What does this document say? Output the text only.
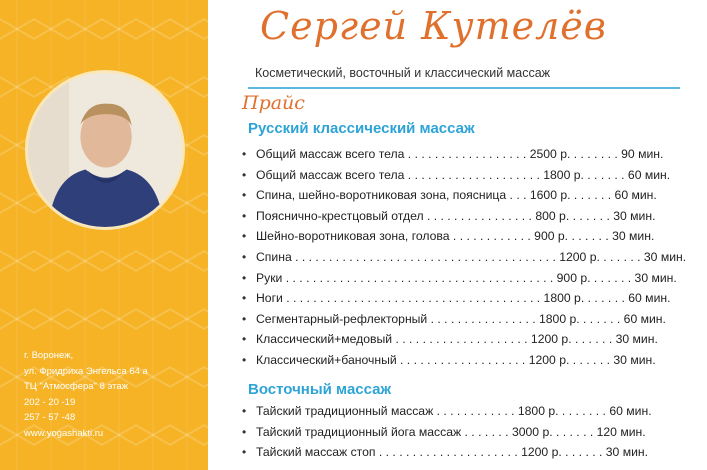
г. Воронеж,
ул. Фридриха Энгельса 64 а
ТЦ "Атмосфера" 8 этаж
202 - 20 -19
257 - 57 -48
www.yogashakti.ru
Сергей Кутелёв
Косметический, восточный и классический массаж
Прайс
Русский классический массаж
• Общий массаж всего тела . . . . . . . . . . . . . . . . . . 2500 р. . . . . . . . 90 мин.
• Общий массаж всего тела . . . . . . . . . . . . . . . . . . . . 1800 р. . . . . . . 60 мин.
• Спина, шейно-воротниковая зона, поясница . . . 1600 р. . . . . . . 60 мин.
• Пояснично-крестцовый отдел . . . . . . . . . . . . . . . . 800 р. . . . . . . 30 мин.
• Шейно-воротниковая зона, голова . . . . . . . . . . . . 900 р. . . . . . . 30 мин.
• Спина . . . . . . . . . . . . . . . . . . . . . . . . . . . . . . . . . . . . . . . 1200 р. . . . . . . 30 мин.
• Руки . . . . . . . . . . . . . . . . . . . . . . . . . . . . . . . . . . . . . . . . 900 р. . . . . . . 30 мин.
• Ноги . . . . . . . . . . . . . . . . . . . . . . . . . . . . . . . . . . . . . . 1800 р. . . . . . . 60 мин.
• Сегментарный-рефлекторный . . . . . . . . . . . . . . . . 1800 р. . . . . . . 60 мин.
• Классический+медовый . . . . . . . . . . . . . . . . . . . . 1200 р. . . . . . . 30 мин.
• Классический+баночный . . . . . . . . . . . . . . . . . . . 1200 р. . . . . . . 30 мин.
Восточный массаж
• Тайский традиционный массаж . . . . . . . . . . . . 1800 р. . . . . . . . 60 мин.
• Тайский традиционный йога массаж . . . . . . . 3000 р. . . . . . . 120 мин.
• Тайский массаж стоп . . . . . . . . . . . . . . . . . . . . . 1200 р. . . . . . . 30 мин.
